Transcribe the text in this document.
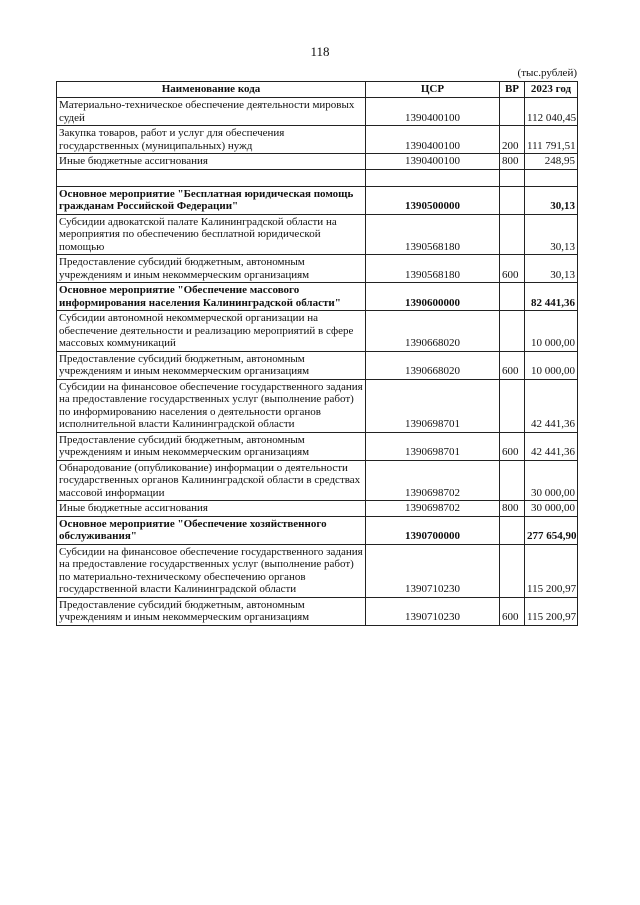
118
(тыс.рублей)
Наименование кода	ЦСР	ВР	2023 год
Материально-техническое обеспечение деятельности мировых судей	1390400100		112 040,45
Закупка товаров, работ и услуг для обеспечения государственных (муниципальных) нужд	1390400100	200	111 791,51
Иные бюджетные ассигнования	1390400100	800	248,95

Основное мероприятие "Бесплатная юридическая помощь гражданам Российской Федерации"	1390500000		30,13
Субсидии адвокатской палате Калининградской области на мероприятия по обеспечению бесплатной юридической помощью	1390568180		30,13
Предоставление субсидий бюджетным, автономным учреждениям и иным некоммерческим организациям	1390568180	600	30,13
Основное мероприятие "Обеспечение массового информирования населения Калининградской области"	1390600000		82 441,36
Субсидии автономной некоммерческой организации на обеспечение деятельности и реализацию мероприятий в сфере массовых коммуникаций	1390668020		10 000,00
Предоставление субсидий бюджетным, автономным учреждениям и иным некоммерческим организациям	1390668020	600	10 000,00
Субсидии на финансовое обеспечение государственного задания на предоставление государственных услуг (выполнение работ) по информированию населения о деятельности органов исполнительной власти Калининградской области	1390698701		42 441,36
Предоставление субсидий бюджетным, автономным учреждениям и иным некоммерческим организациям	1390698701	600	42 441,36
Обнародование (опубликование) информации о деятельности государственных органов Калининградской области в средствах массовой информации	1390698702		30 000,00
Иные бюджетные ассигнования	1390698702	800	30 000,00
Основное мероприятие "Обеспечение хозяйственного обслуживания"	1390700000		277 654,90
Субсидии на финансовое обеспечение государственного задания на предоставление государственных услуг (выполнение работ) по материально-техническому обеспечению органов государственной власти Калининградской области	1390710230		115 200,97
Предоставление субсидий бюджетным, автономным учреждениям и иным некоммерческим организациям	1390710230	600	115 200,97
